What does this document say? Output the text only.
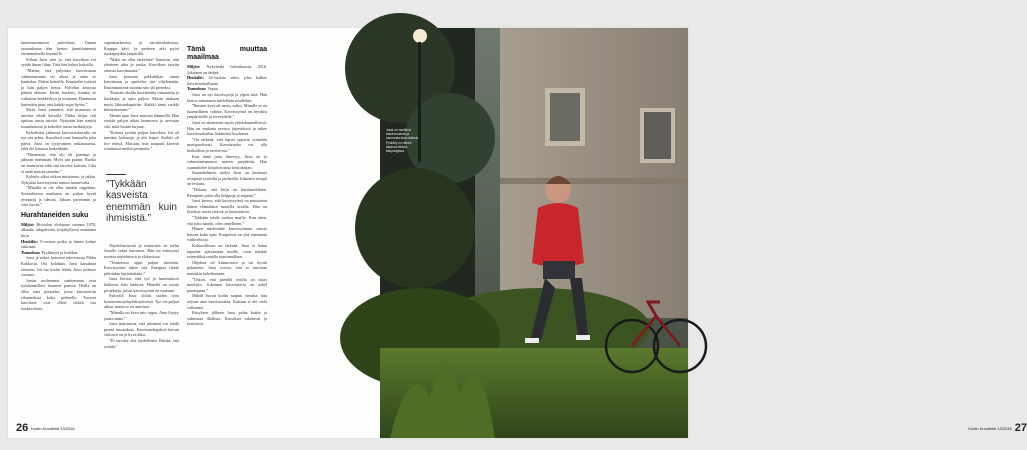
tuntemattomasta palvelusta. Tämän seurauksena hän kertoo jännittäneensä ensimmäisellä käynnillä.

Silloin Jussi tiesi jo, että kasviksia voi syödä ilman lihaa. Tätä hän halusi kokeilla.

”Mietin, että paljonko kasvisruuan valmistaminen vie aikaa ja onko se hankalaa. Päätin kokeilla. Kuuntelin ystäviä ja luin paljon tietoa. Palvelun ansiosta pääsin alkuun. Ensin huoletti, kuinka se vaikuttaa lenkkeilyyn ja voimaan. Huomasin kuitenkin pian, että kaikki sujui hyvin.”

Myös Jussi ymmärsi, että muutosta ei tarvitse tehdä kerralla. Pikku hiljaa tuli opittua uusia asioita. Nykyään hän nauttii ruuanlaitosta ja kokeilee uusia ruokalajeja.

Kokeiluksi jatkunut kasvisruokavalio on nyt osa arkea. Kasvikset ovat lautasella joka päivä. Jussi on tyytyväinen ratkaisuunsa, eikä ole katunut hetkeäkään.

”Huomasin, että olo oli parempi ja jaksoin enemmän. Myös uni parani. Ruoka on maistuvaa eikä sitä tarvitse kaivata. Liha ei enää maistu samalta.”

Kokeilu alkoi viikon mittaisena, ja jatkui. Nykyään kasvissyönti tuntuu luontevalta.

”Minulla ei ole ollut mitään ongelmia. Sosiaalisessa mediassa on paljon hyviä reseptejä ja ideoita. Jaksan paremmin ja voin hyvin.”

Hurahtaneiden suku

Miljöö: Rivitalon olohuone vuonna 1978, alkaalta arkipäivinä, kirjahyllyssä muutama kirja.

Henkilöt: 5-vuotias poika ja hänen kolme siskoaan.

Tunnelma: Pyyhkeyet ja kodikas.

Jussi ja siskot katsovat televisiosta Pikku Kakkosta. Ovi kolahtaa, Jussi katsahtaa eteiseen. Isä tuo kotiin lehtiä. Jussi juoksee vastaan.

Jussin molemmat vanhemmat ovat työskennelleet luonnon parissa. Heillä on ollut oma puutarha, jossa kasvatettiin vihanneksia koko perheelle. Tuoreet kasvikset ovat olleet tärkeä osa ruokavaliota.

supermarketissa ja ostoskeskuksissa. Kauppa kävi, ja perheen arki pyöri ruokapöydän ympärillä.

”Mikä on ollut tärkeintä? Sanoisin, että yhteinen aika ja ruoka. Kasvikset tuotiin omasta kasvimaasta.”

Jussi perustaa pikkuhiljaa oman kasvimaan ja opettelee itse viljelemään. Ensimmäisenä vuonna sato jäi pieneksi.

”Kuusen oksilla kasvatettiin tomaatteja ja kurkkuja, ja opin paljon. Pääsin mukaan myös lähiruokapiiriin. Kaikki tämä ruokki kiinnostustani.”

Tämän ajan Jussi muistaa lämmöllä. Hän viettää paljon aikaa luonnossa ja arvostaa sitä, mitä luonto tarjoaa.

”Kotona syötiin paljon kasviksia. Isä oli innokas kalastaja, ja äiti leipoi. Kaikki oli itse tehtyä. Muistan, kun naapurit kävivät ostamassa meiltä perunoita.”

”Tykkään kasveista enemmän kuin ihmisistä.”

Näyttelemisestä ja teatterista on tullut Jussille rakas harrastus. Hän on esiintynyt useissa näytelmissä ja elokuvissa.

”Teatterissa oppii paljon itsestään. Kasvissyönti tukee sitä. Energiaa riittää pitkiinkin harjoituksiin.”

Jussi kertoo, että työ ja harrastukset kulkevat käsi kädessä. Hänellä on useita projekteja, joissa kasvissyönti on mukana.

Syksyllä Jussi aloitti uuden työn luonnonsuojeluyhdistyksessä. Työ vie paljon aikaa, mutta se on antoisaa.

”Minulla on kova into oppia. Aina löytyy jotain uutta.”

Jussi muistuttaa, että jokainen voi tehdä pieniä muutoksia. Kasvisruokapäivä kerran viikossa on jo hyvä alku.

”Ei tarvitse olla täydellinen. Riittää, että yrittää.”

26 Kodin Kuvalehti 13/2016
Tämä muuttaa maailmaa

Miljöö: Nykyhetki helmikuussa 2016. Jokainen on tärkeä.

Henkilöt: 42-vuotias mies, joka kulkee kasvisruokailijana.

Tunnelma: Vapaa.

Jussi on nyt kasvissyöjä ja ylpeä siitä. Hän kertoo tarinaansa mielellään muillekin.

”Ihmiset kysyvät usein, miksi. Minulle se on luonnollinen valinta. Kasvissyönti on hyväksi ympäristölle ja terveydelle.”

Jussi on aktiivinen myös yhteiskunnallisesti. Hän on mukana useissa järjestöissä ja tukee kasvisruokailun lisäämistä kouluissa.

”On tärkeää, että lapset oppivat syömään monipuolisesti. Kasvisruoka voi olla herkullista ja ravitsevaa.”

Kun tämä juttu ilmestyy, Jussi on jo valmistautumassa uuteen projektiin. Hän suunnittelee kirjoittavansa keittokirjan.

Suunnitelmien tueksi Jussi on kerännyt reseptejä ystäviltä ja perheeltä. Jokainen resepti on testattu.

”Haluan, että kirja on käytännöllinen. Reseptien pitää olla helppoja ja nopeita.”

Jussi kertoo, että kasvissyönti on muuttanut hänen elämäänsä monella tavalla. Hän on löytänyt uusia ystäviä ja harrastuksia.

”Tykkään tehdä ruokaa muille. Kun näen, että joku nauttii, olen onnellinen.”

Hänen mielestään kasvissyönnin suosio kasvaa koko ajan. Kaupoissa on yhä enemmän vaihtoehtoja.

Kohtuullisuus on tärkeää. Jussi ei halua tuputtaa ajatuksiaan muille, vaan näyttää esimerkkiä omalla toiminnallaan.

Ohjelma oli kiinnostava ja sai hyvää palautetta. Jussi toivoo, että se innostaa muitakin kokeilemaan.

”Uskon, että pienillä teoilla on suuri merkitys. Jokainen kasvisateria on askel parempaan.”

Mikäli Jussin kotiin saapuu vieraita, hän tarjoaa aina kasvisruokaa. Kukaan ei ole vielä valittanut.

Esityksen jälkeen Jussi palaa kotiin ja valmistaa illallista. Kasvikset odottavat jo keittiössä.

Kodin Kuvalehti 13/2016 27
Jussi on nauttinut kasvisruoasta ja luonnosta koko ikänsä. Pyöräily on hänen tapansa liikkua kaupungissa.
